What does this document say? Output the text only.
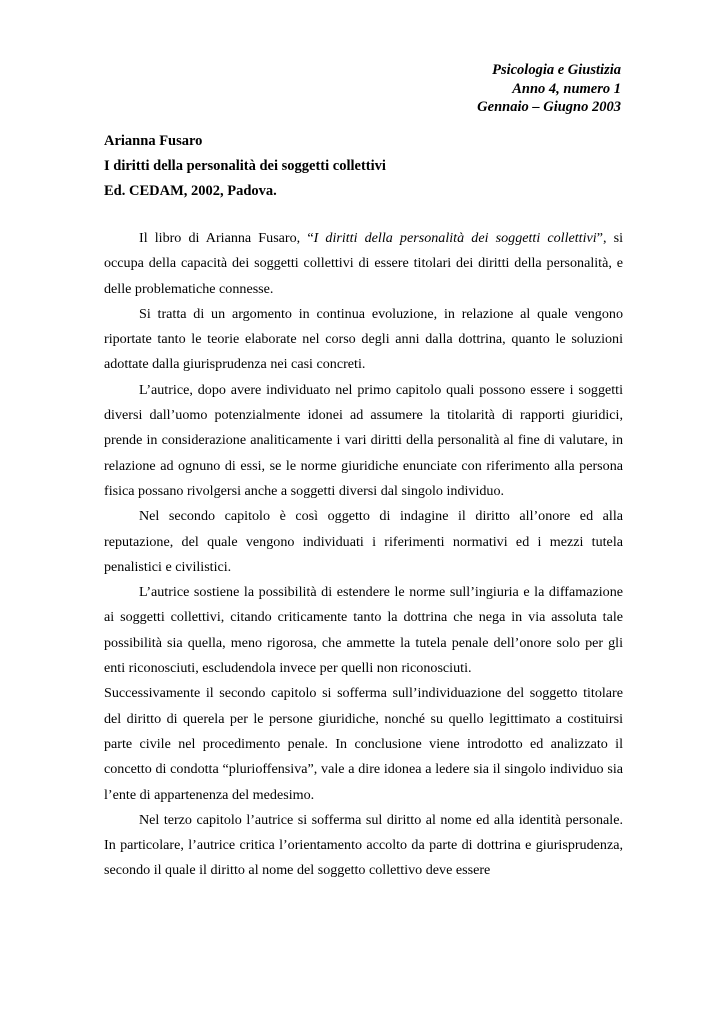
Psicologia e Giustizia
Anno 4, numero 1
Gennaio – Giugno 2003
Arianna Fusaro
I diritti della personalità dei soggetti collettivi
Ed. CEDAM, 2002, Padova.

Il libro di Arianna Fusaro, “I diritti della personalità dei soggetti collettivi”, si occupa della capacità dei soggetti collettivi di essere titolari dei diritti della personalità, e delle problematiche connesse.

Si tratta di un argomento in continua evoluzione, in relazione al quale vengono riportate tanto le teorie elaborate nel corso degli anni dalla dottrina, quanto le soluzioni adottate dalla giurisprudenza nei casi concreti.

L’autrice, dopo avere individuato nel primo capitolo quali possono essere i soggetti diversi dall’uomo potenzialmente idonei ad assumere la titolarità di rapporti giuridici, prende in considerazione analiticamente i vari diritti della personalità al fine di valutare, in relazione ad ognuno di essi, se le norme giuridiche enunciate con riferimento alla persona fisica possano rivolgersi anche a soggetti diversi dal singolo individuo.

Nel secondo capitolo è così oggetto di indagine il diritto all’onore ed alla reputazione, del quale vengono individuati i riferimenti normativi ed i mezzi tutela penalistici e civilistici.

L’autrice sostiene la possibilità di estendere le norme sull’ingiuria e la diffamazione ai soggetti collettivi, citando criticamente tanto la dottrina che nega in via assoluta tale possibilità sia quella, meno rigorosa, che ammette la tutela penale dell’onore solo per gli enti riconosciuti, escludendola invece per quelli non riconosciuti.

Successivamente il secondo capitolo si sofferma sull’individuazione del soggetto titolare del diritto di querela per le persone giuridiche, nonché su quello legittimato a costituirsi parte civile nel procedimento penale. In conclusione viene introdotto ed analizzato il concetto di condotta “plurioffensiva”, vale a dire idonea a ledere sia il singolo individuo sia l’ente di appartenenza del medesimo.

Nel terzo capitolo l’autrice si sofferma sul diritto al nome ed alla identità personale. In particolare, l’autrice critica l’orientamento accolto da parte di dottrina e giurisprudenza, secondo il quale il diritto al nome del soggetto collettivo deve essere
